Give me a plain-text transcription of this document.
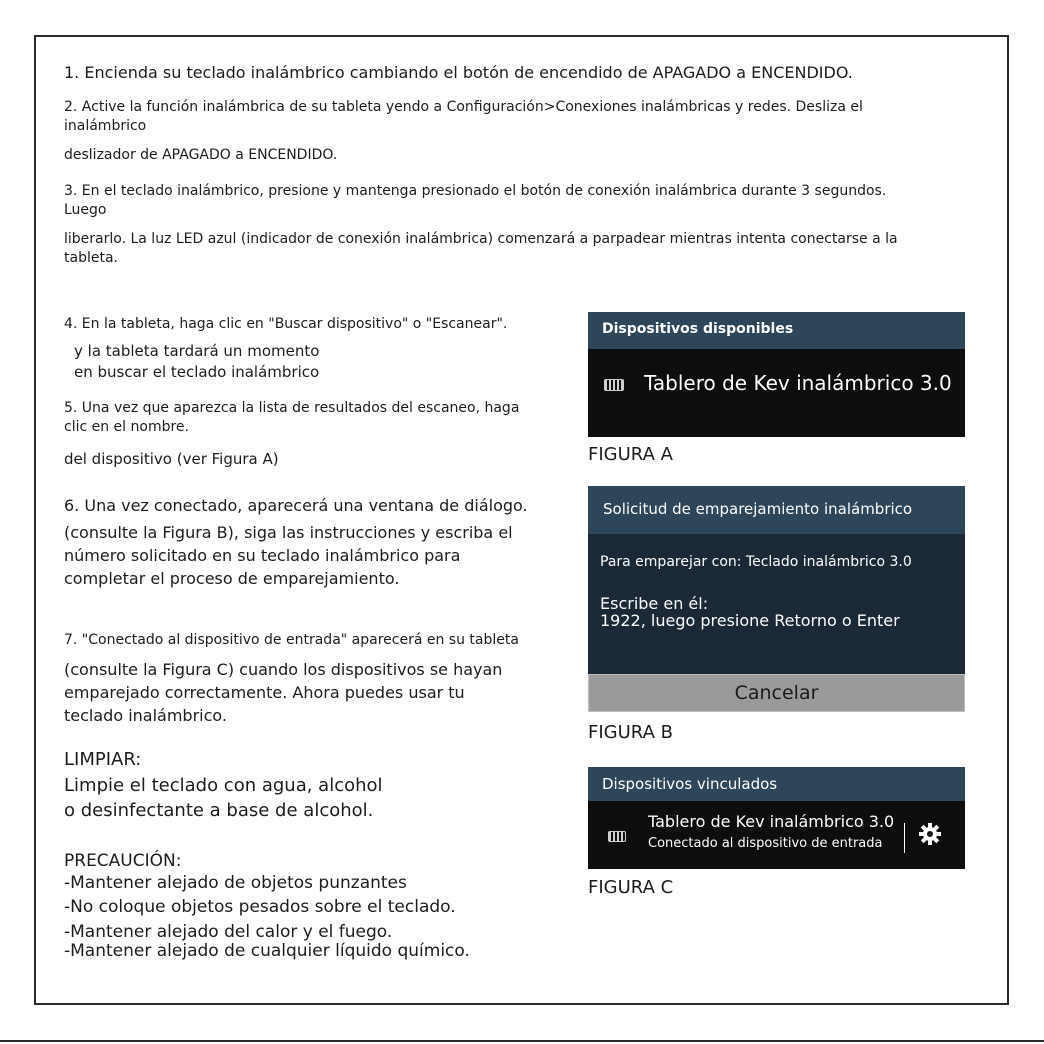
1. Encienda su teclado inalámbrico cambiando el botón de encendido de APAGADO a ENCENDIDO.
2. Active la función inalámbrica de su tableta yendo a Configuración>Conexiones inalámbricas y redes. Desliza el
inalámbrico
deslizador de APAGADO a ENCENDIDO.
3. En el teclado inalámbrico, presione y mantenga presionado el botón de conexión inalámbrica durante 3 segundos.
Luego
liberarlo. La luz LED azul (indicador de conexión inalámbrica) comenzará a parpadear mientras intenta conectarse a la
tableta.
4. En la tableta, haga clic en "Buscar dispositivo" o "Escanear".
y la tableta tardará un momento
en buscar el teclado inalámbrico
5. Una vez que aparezca la lista de resultados del escaneo, haga
clic en el nombre.
del dispositivo (ver Figura A)
6. Una vez conectado, aparecerá una ventana de diálogo.
(consulte la Figura B), siga las instrucciones y escriba el
número solicitado en su teclado inalámbrico para
completar el proceso de emparejamiento.
7. "Conectado al dispositivo de entrada" aparecerá en su tableta
(consulte la Figura C) cuando los dispositivos se hayan
emparejado correctamente. Ahora puedes usar tu
teclado inalámbrico.
LIMPIAR:
Limpie el teclado con agua, alcohol
o desinfectante a base de alcohol.
PRECAUCIÓN:
-Mantener alejado de objetos punzantes
-No coloque objetos pesados sobre el teclado.
-Mantener alejado del calor y el fuego.
-Mantener alejado de cualquier líquido químico.
Dispositivos disponibles
Tablero de Kev inalámbrico 3.0
FIGURA A
Solicitud de emparejamiento inalámbrico
Para emparejar con: Teclado inalámbrico 3.0
Escribe en él:
1922, luego presione Retorno o Enter
Cancelar
FIGURA B
Dispositivos vinculados
Tablero de Kev inalámbrico 3.0
Conectado al dispositivo de entrada
FIGURA C
